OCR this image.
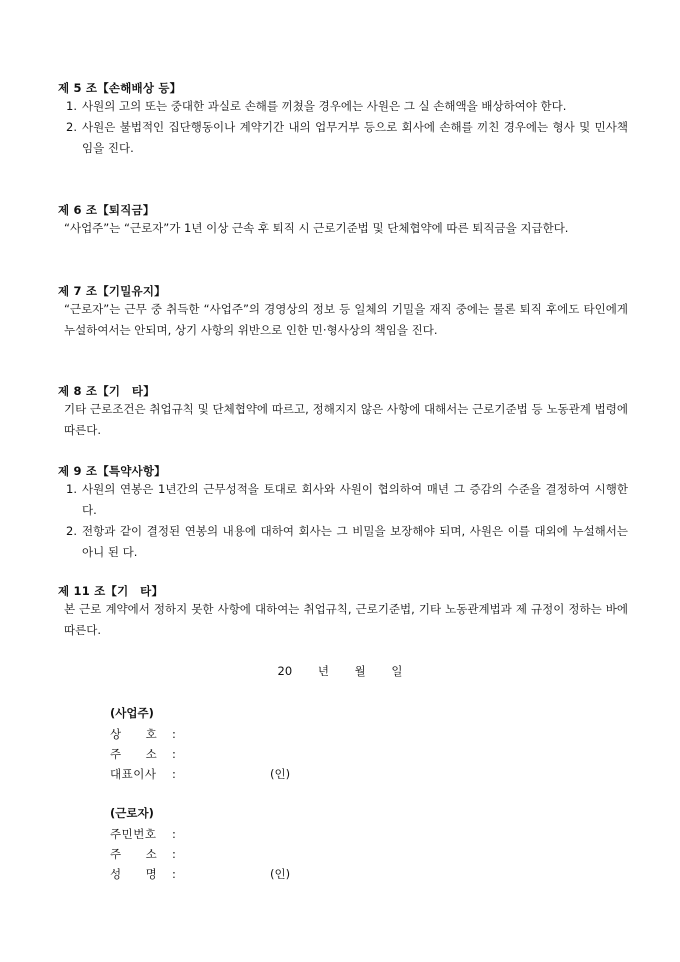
제 5 조【손해배상 등】
1. 사원의 고의 또는 중대한 과실로 손해를 끼쳤을 경우에는 사원은 그 실 손해액을 배상하여야 한다.
2. 사원은 불법적인 집단행동이나 계약기간 내의 업무거부 등으로 회사에 손해를 끼친 경우에는 형사 및 민사책임을 진다.
제 6 조【퇴직금】
“사업주”는 “근로자”가 1년 이상 근속 후 퇴직 시 근로기준법 및 단체협약에 따른 퇴직금을 지급한다.
제 7 조【기밀유지】
“근로자”는 근무 중 취득한 “사업주”의 경영상의 정보 등 일체의 기밀을 재직 중에는 물론 퇴직 후에도 타인에게 누설하여서는 안되며, 상기 사항의 위반으로 인한 민·형사상의 책임을 진다.
제 8 조【기　타】
기타 근로조건은 취업규칙 및 단체협약에 따르고, 정해지지 않은 사항에 대해서는 근로기준법 등 노동관계 법령에 따른다.
제 9 조【특약사항】
1. 사원의 연봉은 1년간의 근무성적을 토대로 회사와 사원이 협의하여 매년 그 증감의 수준을 결정하여 시행한다.
2. 전항과 같이 결정된 연봉의 내용에 대하여 회사는 그 비밀을 보장해야 되며, 사원은 이를 대외에 누설해서는 아니 된 다.
제 11 조【기　타】
본 근로 계약에서 정하지 못한 사항에 대하여는 취업규칙, 근로기준법, 기타 노동관계법과 제 규정이 정하는 바에 따른다.
20 년 월 일
(사업주)
상　　호 :
주　　소 :
대표이사 :	(인)
(근로자)
주민번호 :
주　　소 :
성　　명 :	(인)
